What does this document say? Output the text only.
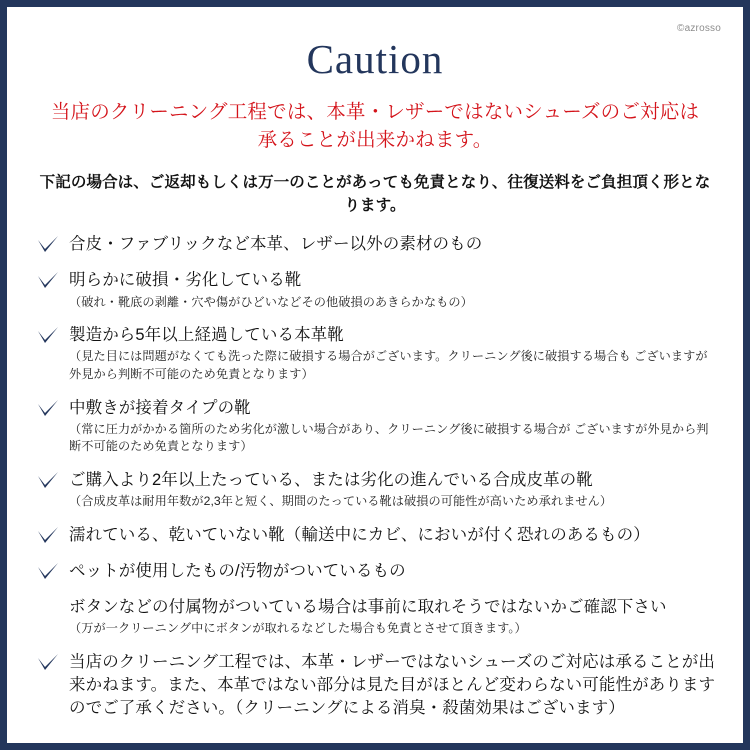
©azrosso
Caution
当店のクリーニング工程では、本革・レザーではないシューズのご対応は承ることが出来かねます。
下記の場合は、ご返却もしくは万一のことがあっても免責となり、往復送料をご負担頂く形となります。
合皮・ファブリックなど本革、レザー以外の素材のもの
明らかに破損・劣化している靴
（破れ・靴底の剥離・穴や傷がひどいなどその他破損のあきらかなもの）
製造から5年以上経過している本革靴
（見た目には問題がなくても洗った際に破損する場合がございます。クリーニング後に破損する場合も ございますが外見から判断不可能のため免責となります）
中敷きが接着タイプの靴
（常に圧力がかかる箇所のため劣化が激しい場合があり、クリーニング後に破損する場合が ございますが外見から判断不可能のため免責となります）
ご購入より2年以上たっている、または劣化の進んでいる合成皮革の靴
（合成皮革は耐用年数が2,3年と短く、期間のたっている靴は破損の可能性が高いため承れません）
濡れている、乾いていない靴（輸送中にカビ、においが付く恐れのあるもの）
ペットが使用したもの/汚物がついているもの
ボタンなどの付属物がついている場合は事前に取れそうではないかご確認下さい
（万が一クリーニング中にボタンが取れるなどした場合も免責とさせて頂きます。）
当店のクリーニング工程では、本革・レザーではないシューズのご対応は承ることが出来かねます。また、本革ではない部分は見た目がほとんど変わらない可能性がありますのでご了承ください。（クリーニングによる消臭・殺菌効果はございます）
